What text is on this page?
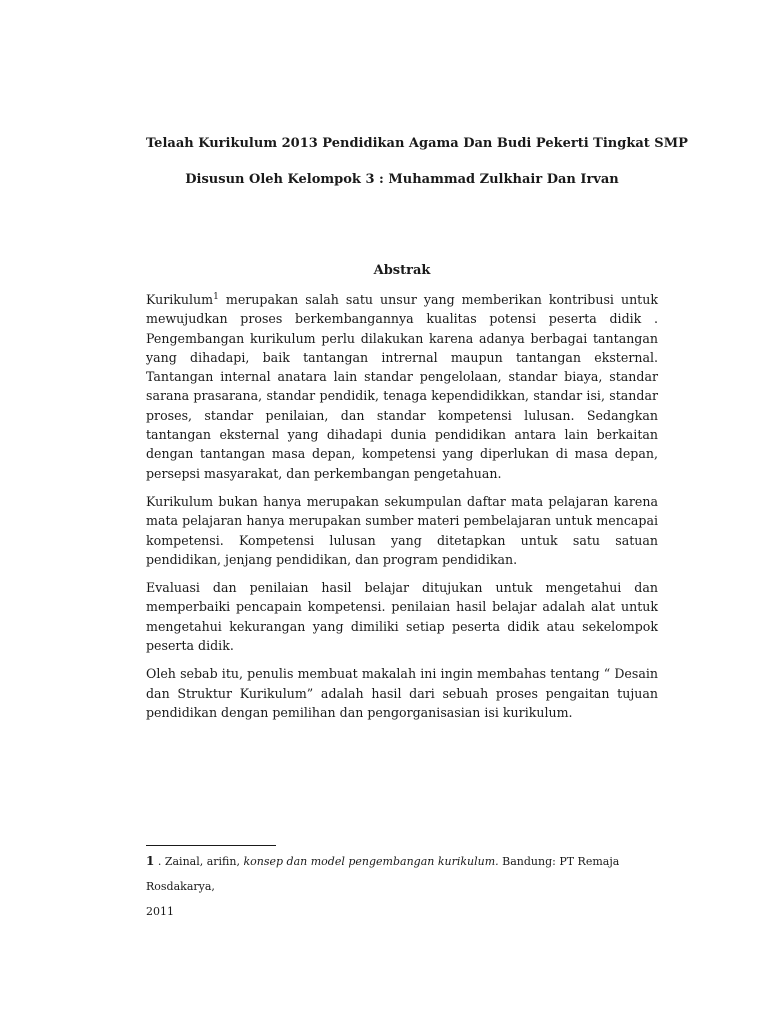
Telaah Kurikulum 2013 Pendidikan Agama Dan Budi Pekerti Tingkat SMP
Disusun Oleh Kelompok 3 : Muhammad Zulkhair Dan Irvan
Abstrak

Kurikulum$^1$ merupakan salah satu unsur yang memberikan kontribusi untuk mewujudkan proses berkembangannya kualitas potensi peserta didik . Pengembangan kurikulum perlu dilakukan karena adanya berbagai tantangan yang dihadapi, baik tantangan intrernal maupun tantangan eksternal. Tantangan internal anatara lain standar pengelolaan, standar biaya, standar sarana prasarana, standar pendidik, tenaga kependidikkan, standar isi, standar proses, standar penilaian, dan standar kompetensi lulusan. Sedangkan tantangan eksternal yang dihadapi dunia pendidikan antara lain berkaitan dengan tantangan masa depan, kompetensi yang diperlukan di masa depan, persepsi masyarakat, dan perkembangan pengetahuan.

Kurikulum bukan hanya merupakan sekumpulan daftar mata pelajaran karena mata pelajaran hanya merupakan sumber materi pembelajaran untuk mencapai kompetensi. Kompetensi lulusan yang ditetapkan untuk satu satuan pendidikan, jenjang pendidikan, dan program pendidikan.

Evaluasi dan penilaian hasil belajar ditujukan untuk mengetahui dan memperbaiki pencapain kompetensi. penilaian hasil belajar adalah alat untuk mengetahui kekurangan yang dimiliki setiap peserta didik atau sekelompok peserta didik.

Oleh sebab itu, penulis membuat makalah ini ingin membahas tentang “ Desain dan Struktur Kurikulum” adalah hasil dari sebuah proses pengaitan tujuan pendidikan dengan pemilihan dan pengorganisasian isi kurikulum.

1 . Zainal, arifin, konsep dan model pengembangan kurikulum. Bandung: PT Remaja Rosdakarya,
2011
